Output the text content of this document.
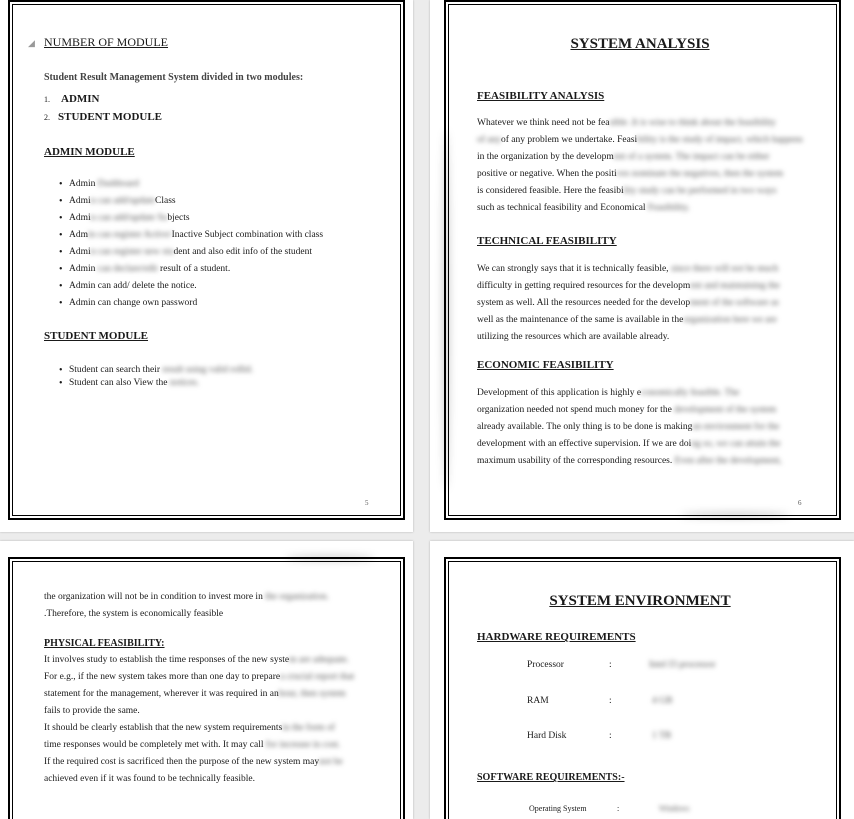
◢ NUMBER OF MODULE
Student Result Management System divided in two modules:
1. ADMIN
2. STUDENT MODULE
ADMIN MODULE
• Admin Dashboard
• Admin can add/updateClass
• Admin can add/update Subjects
• Admin can register Active/Inactive Subject combination with class
• Admin can register new student and also edit info of the student
• Admin can declare/edit result of a student.
• Admin can add/ delete the notice.
• Admin can change own password
STUDENT MODULE
• Student can search their result using valid rollid.
• Student can also View the notices.
5
SYSTEM ANALYSIS
FEASIBILITY ANALYSIS
Whatever we think need not be feasible .It is wise to think about the feasibility
of anyof any problem we undertake. Feasibility is the study of impact, which happens
in the organization by the development of a system. The impact can be either
positive or negative. When the positives nominate the negatives, then the system
is considered feasible. Here the feasibility study can be performed in two ways
such as technical feasibility and Economical Feasibility.
TECHNICAL FEASIBILITY
We can strongly says that it is technically feasible, since there will not be much
difficulty in getting required resources for the development and maintaining the
system as well. All the resources needed for the development of the software as
well as the maintenance of the same is available in theorganization here we are
utilizing the resources which are available already.
ECONOMIC FEASIBILITY
Development of this application is highly economically feasible. The
organization needed not spend much money for the development of the system
already available. The only thing is to be done is makingan environment for the
development with an effective supervision. If we are doing so, we can attain the
maximum usability of the corresponding resources. Even after the development,
6
the organization will not be in condition to invest more in the organization.
.Therefore, the system is economically feasible
PHYSICAL FEASIBILITY:
It involves study to establish the time responses of the new system are adequate.
For e.g., if the new system takes more than one day to preparea crucial report that
statement for the management, wherever it was required in anhour, then system
fails to provide the same.
It should be clearly establish that the new system requirementsin the form of
time responses would be completely met with. It may call for increase in cost.
If the required cost is sacrificed then the purpose of the new system maynot be
achieved even if it was found to be technically feasible.
SYSTEM ENVIRONMENT
HARDWARE REQUIREMENTS
Processor	:	Intel I3 processor
RAM	:	4 GB
Hard Disk	:	1 TB
SOFTWARE REQUIREMENTS:-
Operating System	:	Windows
